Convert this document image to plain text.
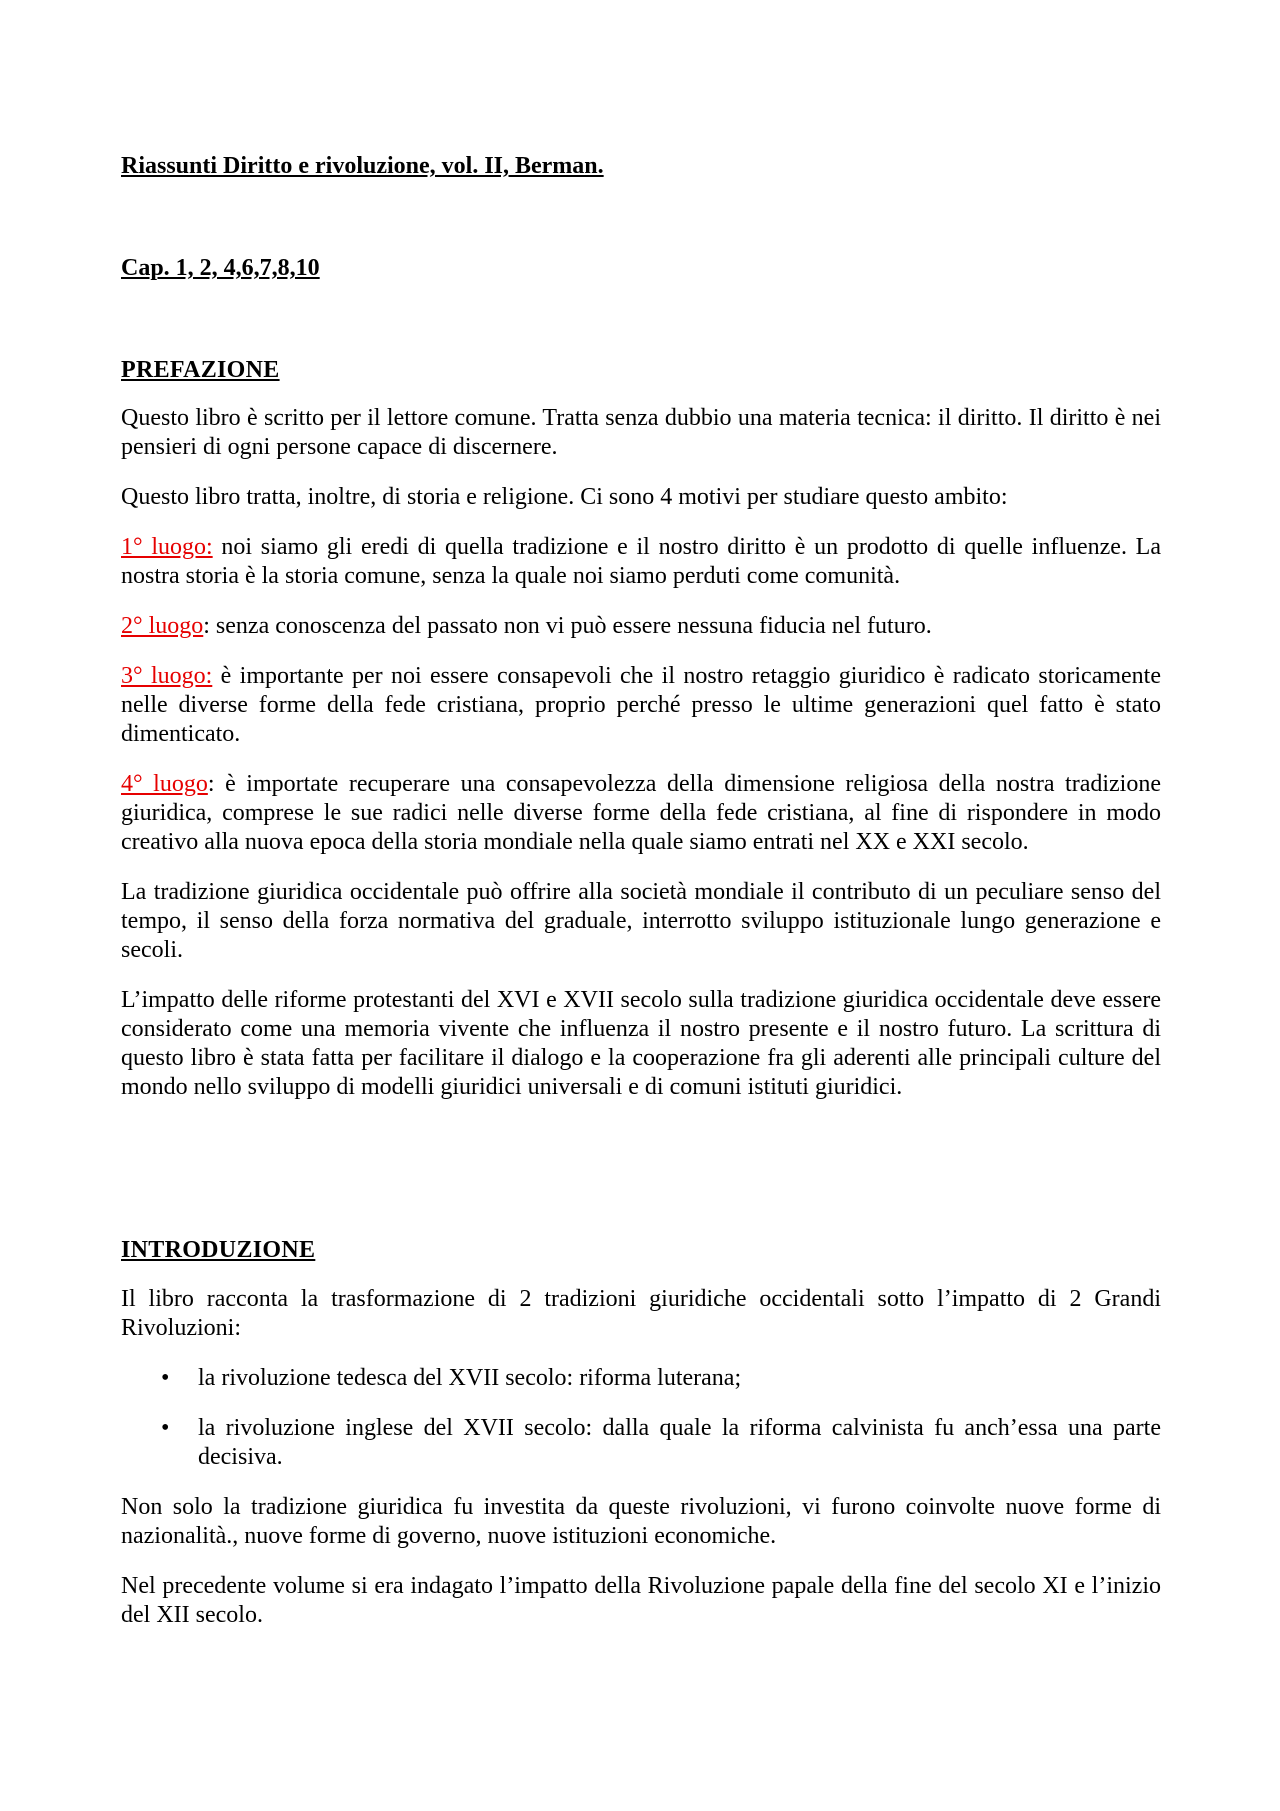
Riassunti Diritto e rivoluzione, vol. II, Berman.
Cap. 1, 2, 4,6,7,8,10
PREFAZIONE

Questo libro è scritto per il lettore comune. Tratta senza dubbio una materia tecnica: il diritto. Il diritto è nei pensieri di ogni persone capace di discernere.

Questo libro tratta, inoltre, di storia e religione. Ci sono 4 motivi per studiare questo ambito:

1° luogo: noi siamo gli eredi di quella tradizione e il nostro diritto è un prodotto di quelle influenze. La nostra storia è la storia comune, senza la quale noi siamo perduti come comunità.

2° luogo: senza conoscenza del passato non vi può essere nessuna fiducia nel futuro.

3° luogo: è importante per noi essere consapevoli che il nostro retaggio giuridico è radicato storicamente nelle diverse forme della fede cristiana, proprio perché presso le ultime generazioni quel fatto è stato dimenticato.

4° luogo: è importate recuperare una consapevolezza della dimensione religiosa della nostra tradizione giuridica, comprese le sue radici nelle diverse forme della fede cristiana, al fine di rispondere in modo creativo alla nuova epoca della storia mondiale nella quale siamo entrati nel XX e XXI secolo.

La tradizione giuridica occidentale può offrire alla società mondiale il contributo di un peculiare senso del tempo, il senso della forza normativa del graduale, interrotto sviluppo istituzionale lungo generazione e secoli.

L’impatto delle riforme protestanti del XVI e XVII secolo sulla tradizione giuridica occidentale deve essere considerato come una memoria vivente che influenza il nostro presente e il nostro futuro. La scrittura di questo libro è stata fatta per facilitare il dialogo e la cooperazione fra gli aderenti alle principali culture del mondo nello sviluppo di modelli giuridici universali e di comuni istituti giuridici.

INTRODUZIONE

Il libro racconta la trasformazione di 2 tradizioni giuridiche occidentali sotto l’impatto di 2 Grandi Rivoluzioni:

• la rivoluzione tedesca del XVII secolo: riforma luterana;
• la rivoluzione inglese del XVII secolo: dalla quale la riforma calvinista fu anch’essa una parte decisiva.

Non solo la tradizione giuridica fu investita da queste rivoluzioni, vi furono coinvolte nuove forme di nazionalità., nuove forme di governo, nuove istituzioni economiche.

Nel precedente volume si era indagato l’impatto della Rivoluzione papale della fine del secolo XI e l’inizio del XII secolo.
